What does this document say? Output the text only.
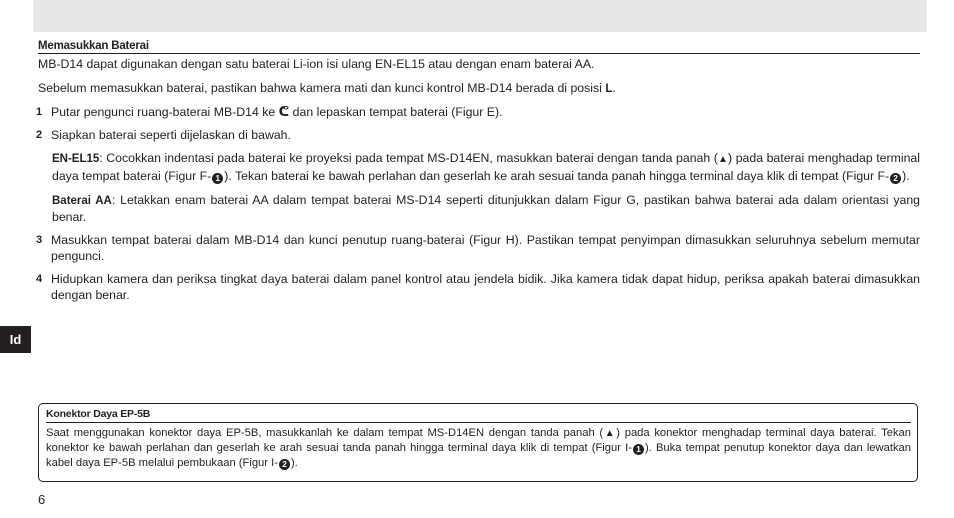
Memasukkan Baterai

MB-D14 dapat digunakan dengan satu baterai Li-ion isi ulang EN-EL15 atau dengan enam baterai AA.

Sebelum memasukkan baterai, pastikan bahwa kamera mati dan kunci kontrol MB-D14 berada di posisi L.

1 Putar pengunci ruang-baterai MB-D14 ke ᕦ dan lepaskan tempat baterai (Figur E).
2 Siapkan baterai seperti dijelaskan di bawah.
EN-EL15: Cocokkan indentasi pada baterai ke proyeksi pada tempat MS-D14EN, masukkan baterai dengan tanda panah (▲) pada baterai menghadap terminal daya tempat baterai (Figur F- 1 ). Tekan baterai ke bawah perlahan dan geserlah ke arah sesuai tanda panah hingga terminal daya klik di tempat (Figur F- 2 ).
Baterai AA: Letakkan enam baterai AA dalam tempat baterai MS-D14 seperti ditunjukkan dalam Figur G, pastikan bahwa baterai ada dalam orientasi yang benar.
3 Masukkan tempat baterai dalam MB-D14 dan kunci penutup ruang-baterai (Figur H). Pastikan tempat penyimpan dimasukkan seluruhnya sebelum memutar pengunci.
4 Hidupkan kamera dan periksa tingkat daya baterai dalam panel kontrol atau jendela bidik. Jika kamera tidak dapat hidup, periksa apakah baterai dimasukkan dengan benar.
Id
Konektor Daya EP-5B
Saat menggunakan konektor daya EP-5B, masukkanlah ke dalam tempat MS-D14EN dengan tanda panah (▲) pada konektor menghadap terminal daya baterai. Tekan konektor ke bawah perlahan dan geserlah ke arah sesuai tanda panah hingga terminal daya klik di tempat (Figur I- 1 ). Buka tempat penutup konektor daya dan lewatkan kabel daya EP-5B melalui pembukaan (Figur I- 2 ).
6
